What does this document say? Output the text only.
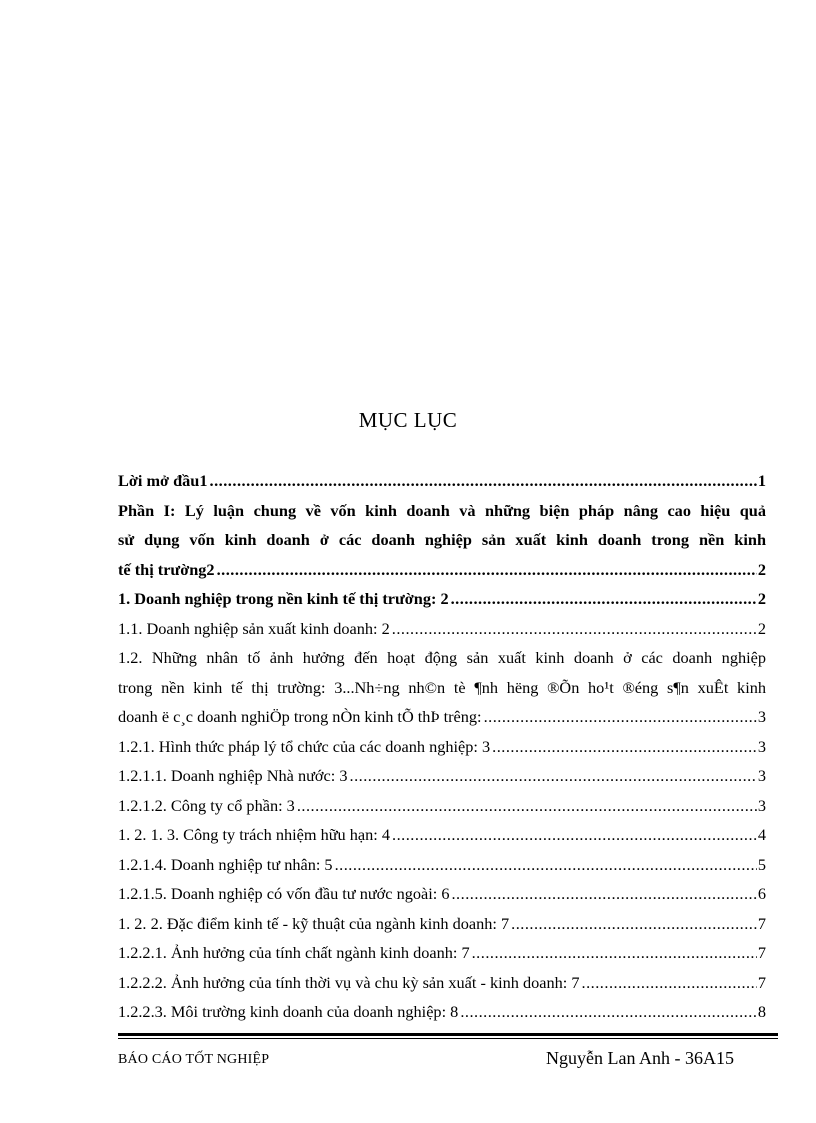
MỤC LỤC
Lời mở đầu1 .....	1
Phần I: Lý luận chung về vốn kinh doanh và những biện pháp nâng cao hiệu quả
sử dụng vốn kinh doanh ở các doanh nghiệp sản xuất kinh doanh trong nền kinh
tế thị trường2 .....	2
1. Doanh nghiệp trong nền kinh tế thị trường: 2 .....	2
1.1. Doanh nghiệp sản xuất kinh doanh: 2 .....	2
1.2. Những nhân tố ảnh hưởng đến hoạt động sản xuất kinh doanh ở các doanh nghiệp
trong nền kinh tế thị trường: 3...Nh÷ng nh©n tè ¶nh hëng ®Õn ho¹t ®éng s¶n xuÊt kinh
doanh ë c¸c doanh nghiÖp trong nÒn kinh tÕ thÞ trêng: .....	3
1.2.1. Hình thức pháp lý tổ chức của các doanh nghiệp: 3 .....	3
1.2.1.1. Doanh nghiệp Nhà nước: 3 .....	3
1.2.1.2. Công ty cổ phần: 3 .....	3
1. 2. 1. 3. Công ty trách nhiệm hữu hạn: 4 .....	4
1.2.1.4. Doanh nghiệp tư nhân: 5 .....	5
1.2.1.5. Doanh nghiệp có vốn đầu tư nước ngoài: 6 .....	6
1. 2. 2. Đặc điểm kinh tế - kỹ thuật của ngành kinh doanh: 7 .....	7
1.2.2.1. Ảnh hưởng của tính chất ngành kinh doanh: 7 .....	7
1.2.2.2. Ảnh hưởng của tính thời vụ và chu kỳ sản xuất - kinh doanh: 7 .....	7
1.2.2.3. Môi trường kinh doanh của doanh nghiệp: 8 .....	8
BÁO CÁO TỐT NGHIỆP	Nguyễn Lan Anh - 36A15
